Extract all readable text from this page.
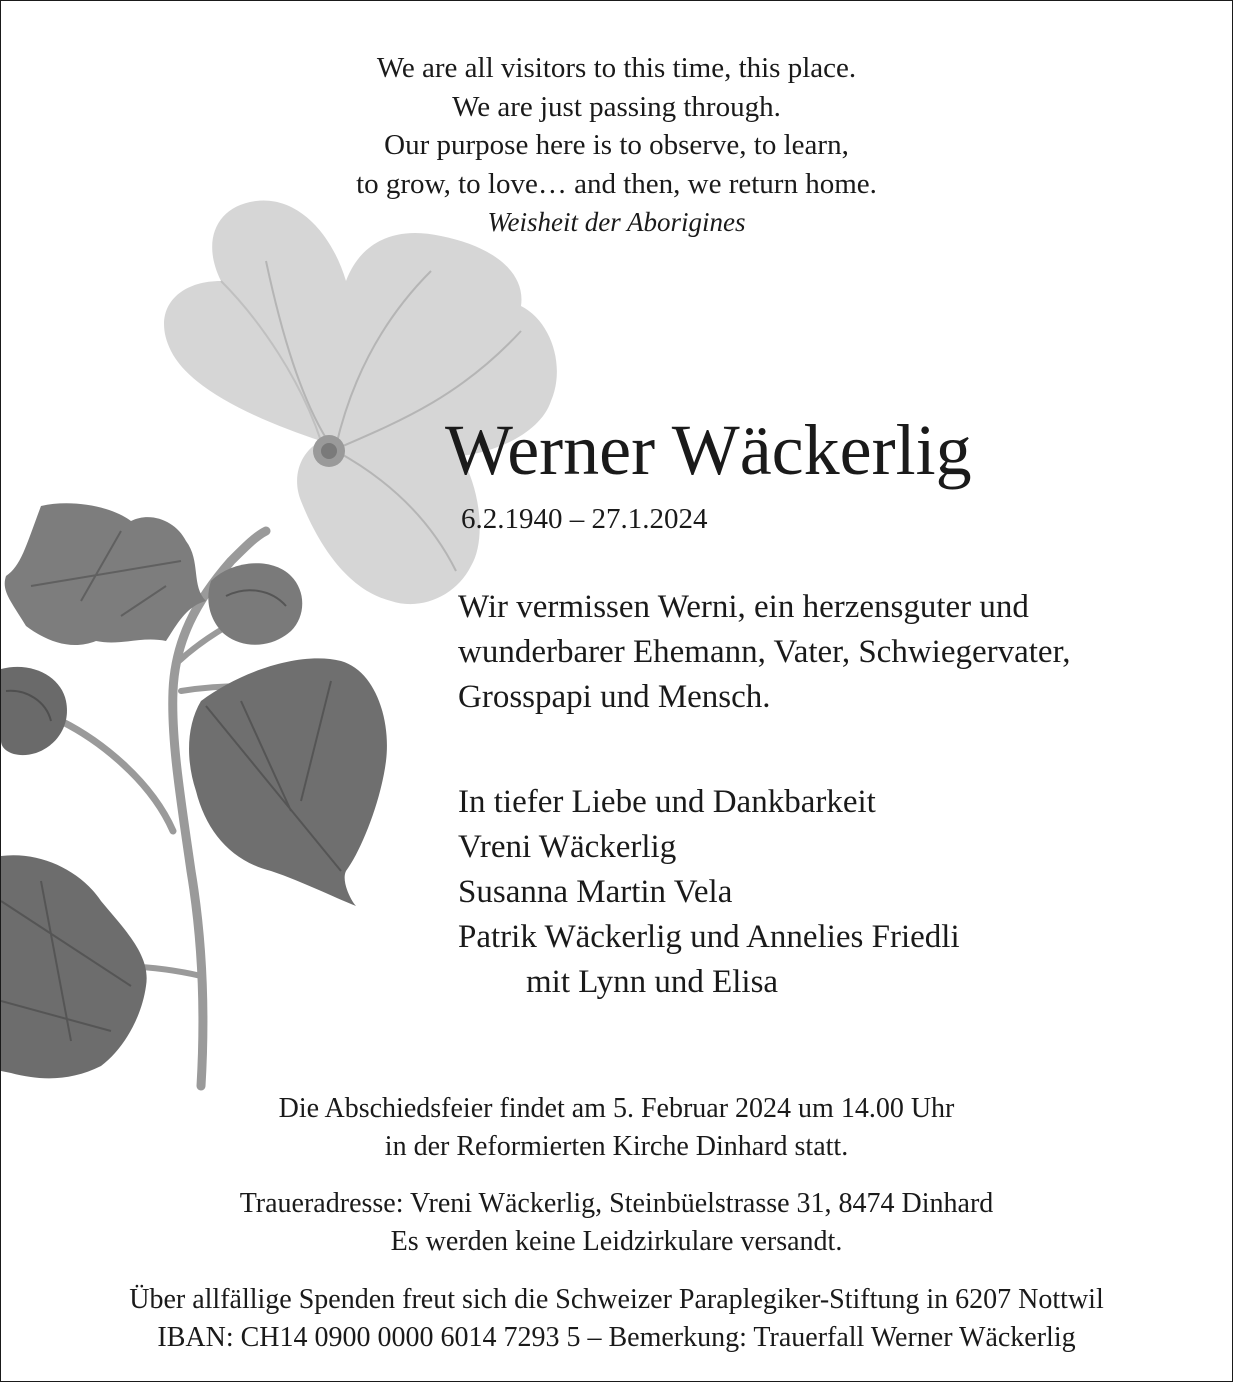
We are all visitors to this time, this place.
We are just passing through.
Our purpose here is to observe, to learn,
to grow, to love… and then, we return home.
Weisheit der Aborigines
Werner Wäckerlig
6.2.1940 – 27.1.2024
Wir vermissen Werni, ein herzensguter und
wunderbarer Ehemann, Vater, Schwiegervater,
Grosspapi und Mensch.
In tiefer Liebe und Dankbarkeit
Vreni Wäckerlig
Susanna Martin Vela
Patrik Wäckerlig und Annelies Friedli
mit Lynn und Elisa
Die Abschiedsfeier findet am 5. Februar 2024 um 14.00 Uhr
in der Reformierten Kirche Dinhard statt.
Traueradresse: Vreni Wäckerlig, Steinbüelstrasse 31, 8474 Dinhard
Es werden keine Leidzirkulare versandt.
Über allfällige Spenden freut sich die Schweizer Paraplegiker-Stiftung in 6207 Nottwil
IBAN: CH14 0900 0000 6014 7293 5 – Bemerkung: Trauerfall Werner Wäckerlig
